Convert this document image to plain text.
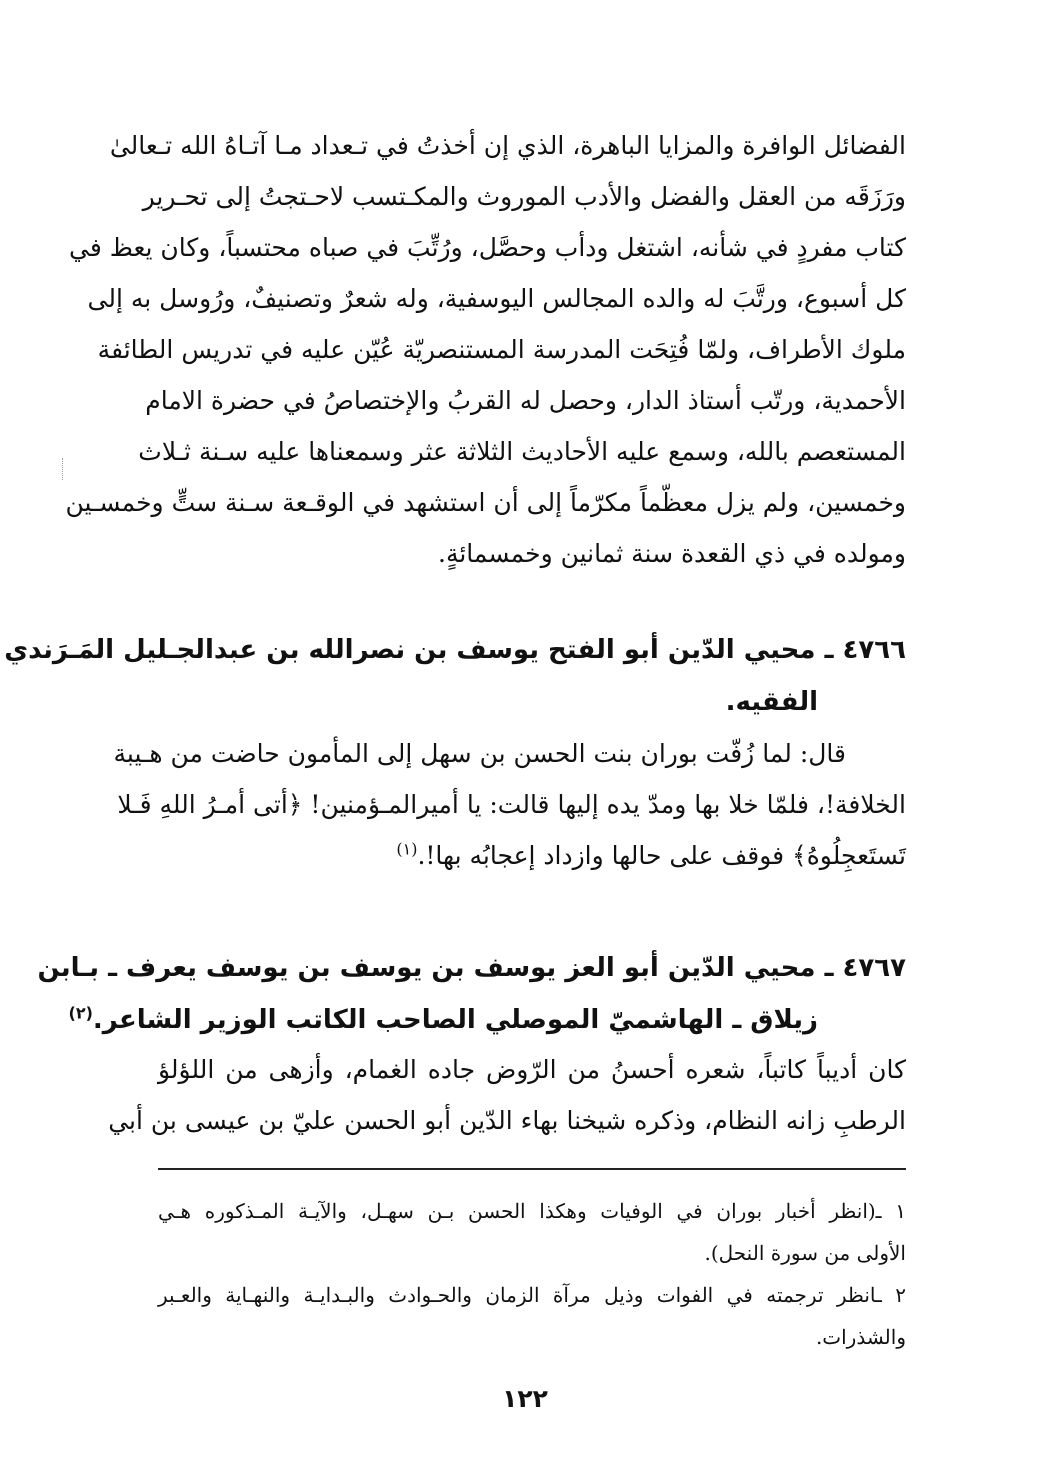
الفضائل الوافرة والمزايا الباهرة، الذي إن أخذتُ في تـعداد مـا آتـاهُ الله تـعالىٰ
ورَزَقَه من العقل والفضل والأدب الموروث والمكـتسب لاحـتجتُ إلى تحـرير
كتاب مفردٍ في شأنه، اشتغل ودأب وحصَّل، ورُتِّبَ في صباه محتسباً، وكان يعظ في
كل أسبوع، ورتَّبَ له والده المجالس اليوسفية، وله شعرٌ وتصنيفٌ، ورُوسل به إلى
ملوك الأطراف، ولمّا فُتِحَت المدرسة المستنصريّة عُيّن عليه في تدريس الطائفة
الأحمدية، ورتّب أستاذ الدار، وحصل له القربُ والإختصاصُ في حضرة الامام
المستعصم بالله، وسمع عليه الأحاديث الثلاثة عثر وسمعناها عليه سـنة ثـلاث
وخمسين، ولم يزل معظّماً مكرّماً إلى أن استشهد في الوقـعة سـنة ستٍّ وخمسـين
ومولده في ذي القعدة سنة ثمانين وخمسمائةٍ.
٤٧٦٦ ـ محيي الدّين أبو الفتح يوسف بن نصرالله بن عبدالجـليل المَـرَندي
الفقيه.
قال: لما زُفّت بوران بنت الحسن بن سهل إلى المأمون حاضت من هـيبة
الخلافة!، فلمّا خلا بها ومدّ يده إليها قالت: يا أميرالمـؤمنين! ﴿أتى أمـرُ اللهِ فَـلا
تَستَعجِلُوهُ﴾ فوقف على حالها وازداد إعجابُه بها!.$^{(١)}$
٤٧٦٧ ـ محيي الدّين أبو العز يوسف بن يوسف بن يوسف يعرف ـ بـابن
زيلاق ـ الهاشميّ الموصلي الصاحب الكاتب الوزير الشاعر.$^{(٢)}$
كان أديباً كاتباً، شعره أحسنُ من الرّوض جاده الغمام، وأزهى من اللؤلؤ
الرطبِ زانه النظام، وذكره شيخنا بهاء الدّين أبو الحسن عليّ بن عيسى بن أبي
١ ـ(انظر أخبار بوران في الوفيات وهكذا الحسن بـن سهـل، والآيـة المـذكوره هـي
الأولى من سورة النحل).
٢ ـانظر ترجمته في الفوات وذيل مرآة الزمان والحـوادث والبـدايـة والنهـاية والعـبر
والشذرات.
١٢٢
